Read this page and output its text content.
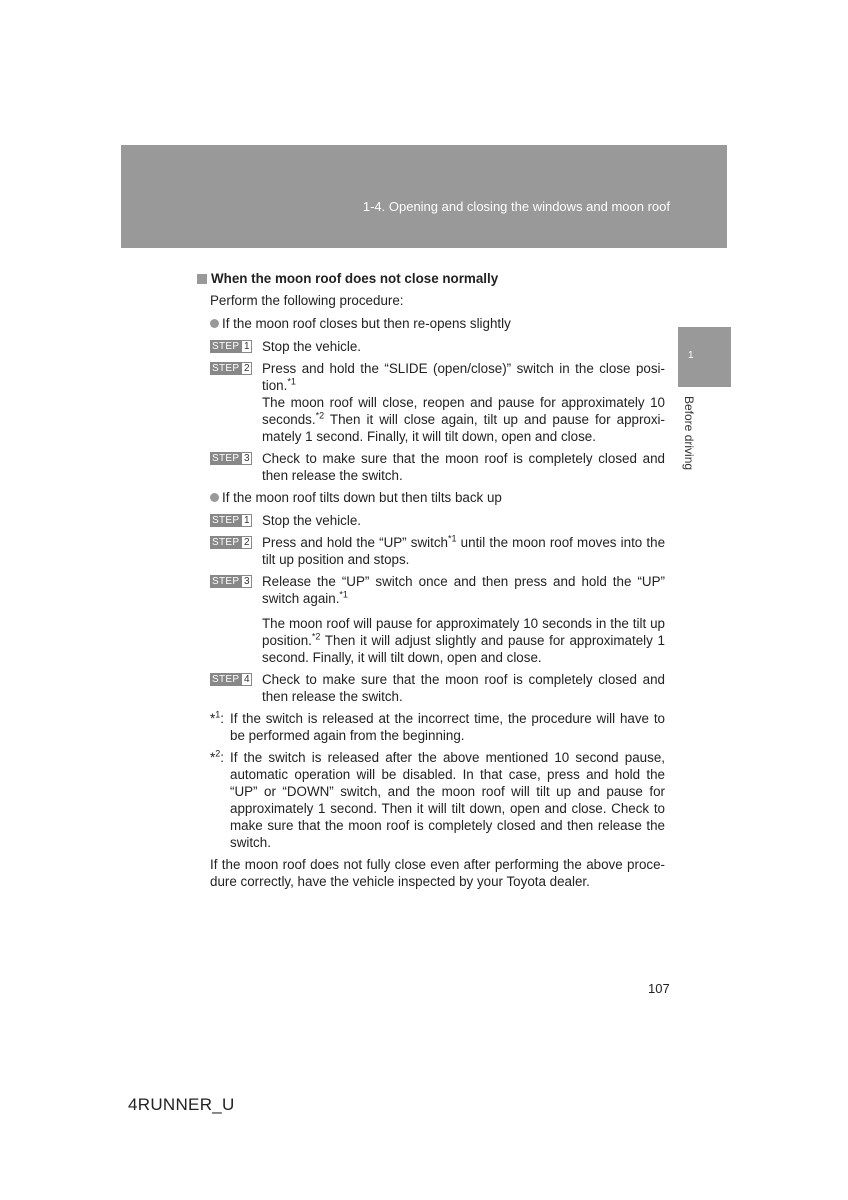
1-4. Opening and closing the windows and moon roof
1
Before driving
When the moon roof does not close normally
Perform the following procedure:
If the moon roof closes but then re-opens slightly
STEP 1 Stop the vehicle.
STEP 2 Press and hold the “SLIDE (open/close)” switch in the close posi-tion.$^{*1}$
The moon roof will close, reopen and pause for approximately 10 seconds.$^{*2}$ Then it will close again, tilt up and pause for approxi-mately 1 second. Finally, it will tilt down, open and close.
STEP 3 Check to make sure that the moon roof is completely closed and then release the switch.
If the moon roof tilts down but then tilts back up
STEP 1 Stop the vehicle.
STEP 2 Press and hold the “UP” switch$^{*1}$ until the moon roof moves into the tilt up position and stops.
STEP 3 Release the “UP” switch once and then press and hold the “UP” switch again.$^{*1}$
The moon roof will pause for approximately 10 seconds in the tilt up position.$^{*2}$ Then it will adjust slightly and pause for approximately 1 second. Finally, it will tilt down, open and close.
STEP 4 Check to make sure that the moon roof is completely closed and then release the switch.
*$^1$: If the switch is released at the incorrect time, the procedure will have to be performed again from the beginning.
*$^2$: If the switch is released after the above mentioned 10 second pause, automatic operation will be disabled. In that case, press and hold the “UP” or “DOWN” switch, and the moon roof will tilt up and pause for approximately 1 second. Then it will tilt down, open and close. Check to make sure that the moon roof is completely closed and then release the switch.
If the moon roof does not fully close even after performing the above proce-dure correctly, have the vehicle inspected by your Toyota dealer.
107
4RUNNER_U
